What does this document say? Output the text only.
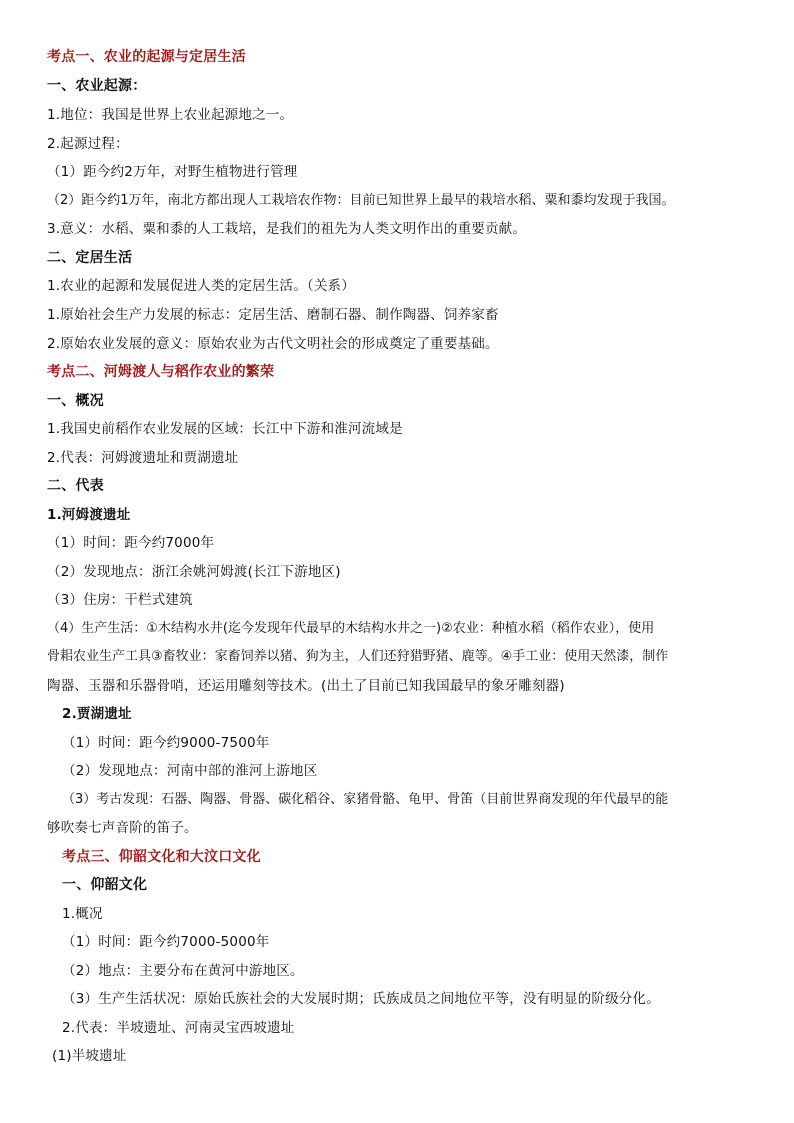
考点一、农业的起源与定居生活
一、农业起源：
1.地位：我国是世界上农业起源地之一。
2.起源过程：
（1）距今约2万年，对野生植物进行管理
（2）距今约1万年，南北方都出现人工栽培农作物：目前已知世界上最早的栽培水稻、粟和黍均发现于我国。
3.意义：水稻、粟和黍的人工栽培，是我们的祖先为人类文明作出的重要贡献。
二、定居生活
1.农业的起源和发展促进人类的定居生活。（关系）
1.原始社会生产力发展的标志：定居生活、磨制石器、制作陶器、饲养家畜
2.原始农业发展的意义：原始农业为古代文明社会的形成奠定了重要基础。
考点二、河姆渡人与稻作农业的繁荣
一、概况
1.我国史前稻作农业发展的区域：长江中下游和淮河流域是
2.代表：河姆渡遗址和贾湖遗址
二、代表
1.河姆渡遗址
（1）时间：距今约7000年
（2）发现地点：浙江余姚河姆渡(长江下游地区)
（3）住房：干栏式建筑
（4）生产生活：①木结构水井(迄今发现年代最早的木结构水井之一)②农业：种植水稻（稻作农业），使用
骨耜农业生产工具③畜牧业：家畜饲养以猪、狗为主，人们还狩猎野猪、鹿等。④手工业：使用天然漆，制作
陶器、玉器和乐器骨哨，还运用雕刻等技术。(出土了目前已知我国最早的象牙雕刻器)
2.贾湖遗址
（1）时间：距今约9000-7500年
（2）发现地点：河南中部的淮河上游地区
（3）考古发现：石器、陶器、骨器、碳化稻谷、家猪骨骼、龟甲、骨笛（目前世界商发现的年代最早的能
够吹奏七声音阶的笛子。
考点三、仰韶文化和大汶口文化
一、仰韶文化
1.概况
（1）时间：距今约7000-5000年
（2）地点：主要分布在黄河中游地区。
（3）生产生活状况：原始氏族社会的大发展时期；氏族成员之间地位平等，没有明显的阶级分化。
2.代表：半坡遗址、河南灵宝西坡遗址
(1)半坡遗址
